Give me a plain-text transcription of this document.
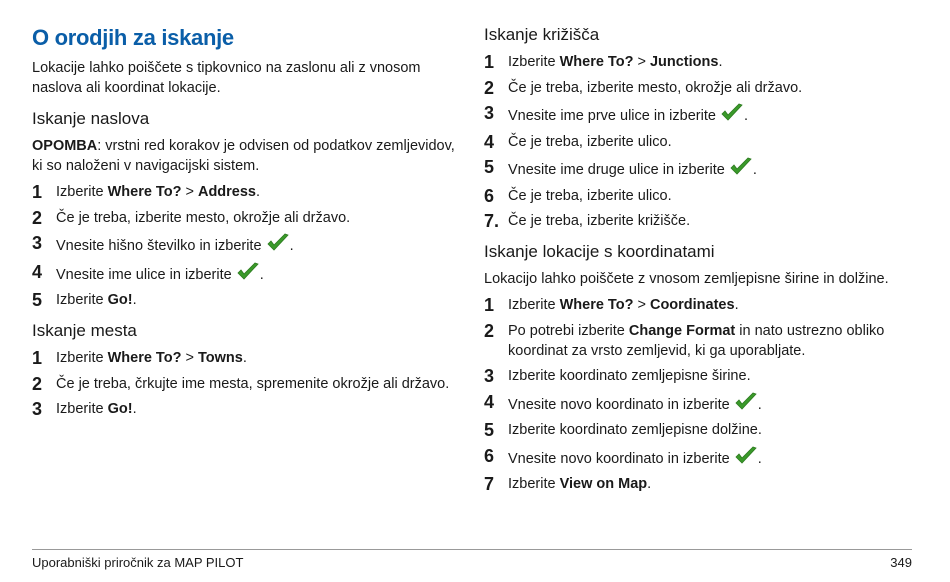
O orodjih za iskanje

Lokacije lahko poiščete s tipkovnico na zaslonu ali z vnosom naslova ali koordinat lokacije.

Iskanje naslova

OPOMBA: vrstni red korakov je odvisen od podatkov zemljevidov, ki so naloženi v navigacijski sistem.

1 Izberite Where To? > Address.
2 Če je treba, izberite mesto, okrožje ali državo.
3 Vnesite hišno številko in izberite .
4 Vnesite ime ulice in izberite .
5 Izberite Go!.
Iskanje mesta
1 Izberite Where To? > Towns.
2 Če je treba, črkujte ime mesta, spremenite okrožje ali državo.
3 Izberite Go!.
Iskanje križišča
1 Izberite Where To? > Junctions.
2 Če je treba, izberite mesto, okrožje ali državo.
3 Vnesite ime prve ulice in izberite .
4 Če je treba, izberite ulico.
5 Vnesite ime druge ulice in izberite .
6 Če je treba, izberite ulico.
7. Če je treba, izberite križišče.
Iskanje lokacije s koordinatami

Lokacijo lahko poiščete z vnosom zemljepisne širine in dolžine.

1 Izberite Where To? > Coordinates.
2 Po potrebi izberite Change Format in nato ustrezno obliko koordinat za vrsto zemljevid, ki ga uporabljate.
3 Izberite koordinato zemljepisne širine.
4 Vnesite novo koordinato in izberite .
5 Izberite koordinato zemljepisne dolžine.
6 Vnesite novo koordinato in izberite .
7 Izberite View on Map.
Uporabniški priročnik za MAP PILOT	349
